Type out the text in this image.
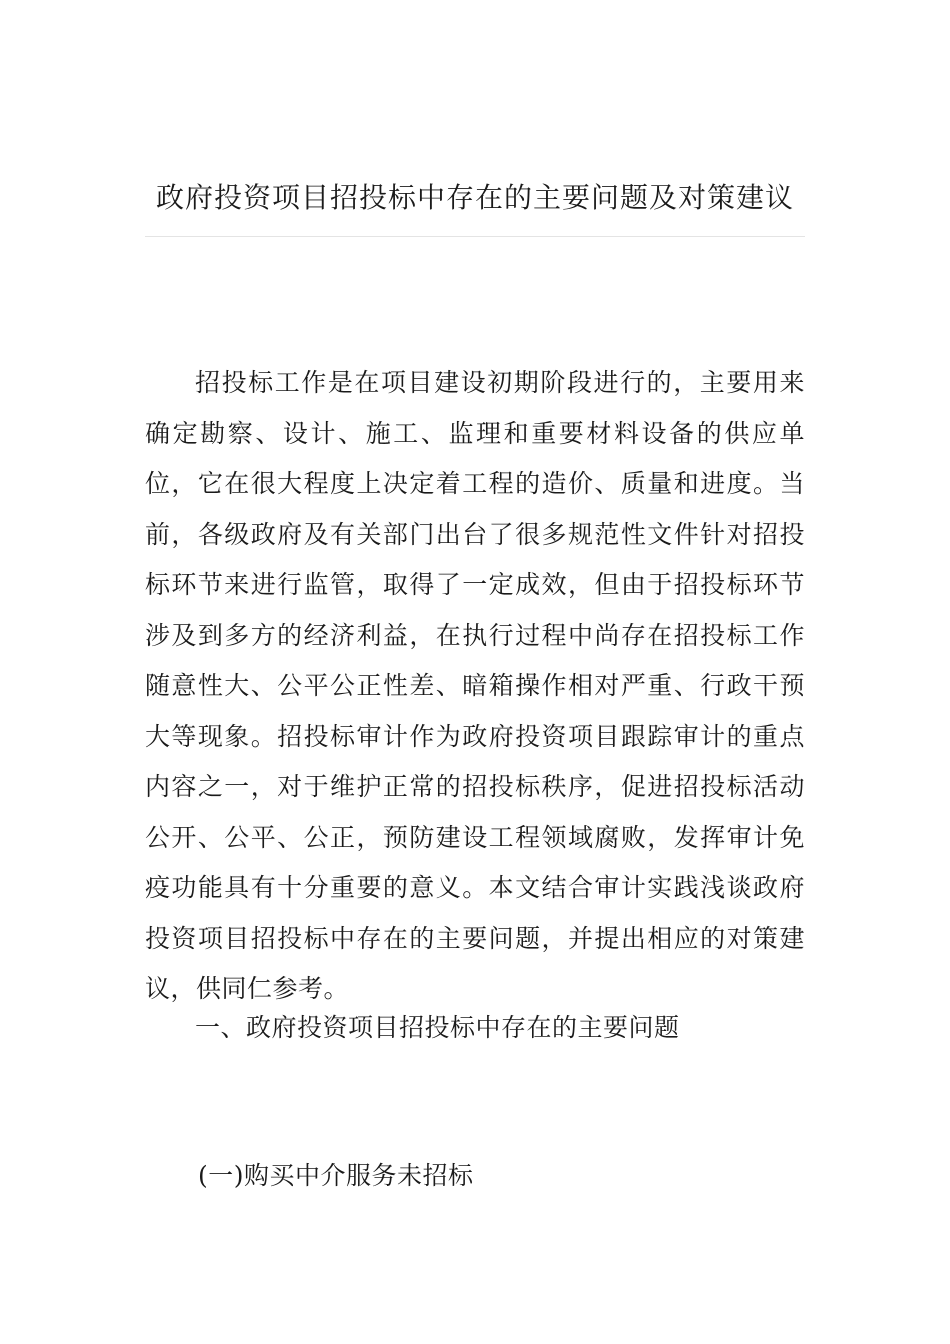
政府投资项目招投标中存在的主要问题及对策建议

招投标工作是在项目建设初期阶段进行的，主要用来确定勘察、设计、施工、监理和重要材料设备的供应单位，它在很大程度上决定着工程的造价、质量和进度。当前，各级政府及有关部门出台了很多规范性文件针对招投标环节来进行监管，取得了一定成效，但由于招投标环节涉及到多方的经济利益，在执行过程中尚存在招投标工作随意性大、公平公正性差、暗箱操作相对严重、行政干预大等现象。招投标审计作为政府投资项目跟踪审计的重点内容之一，对于维护正常的招投标秩序，促进招投标活动公开、公平、公正，预防建设工程领域腐败，发挥审计免疫功能具有十分重要的意义。本文结合审计实践浅谈政府投资项目招投标中存在的主要问题，并提出相应的对策建议，供同仁参考。

一、政府投资项目招投标中存在的主要问题
(一)购买中介服务未招标
